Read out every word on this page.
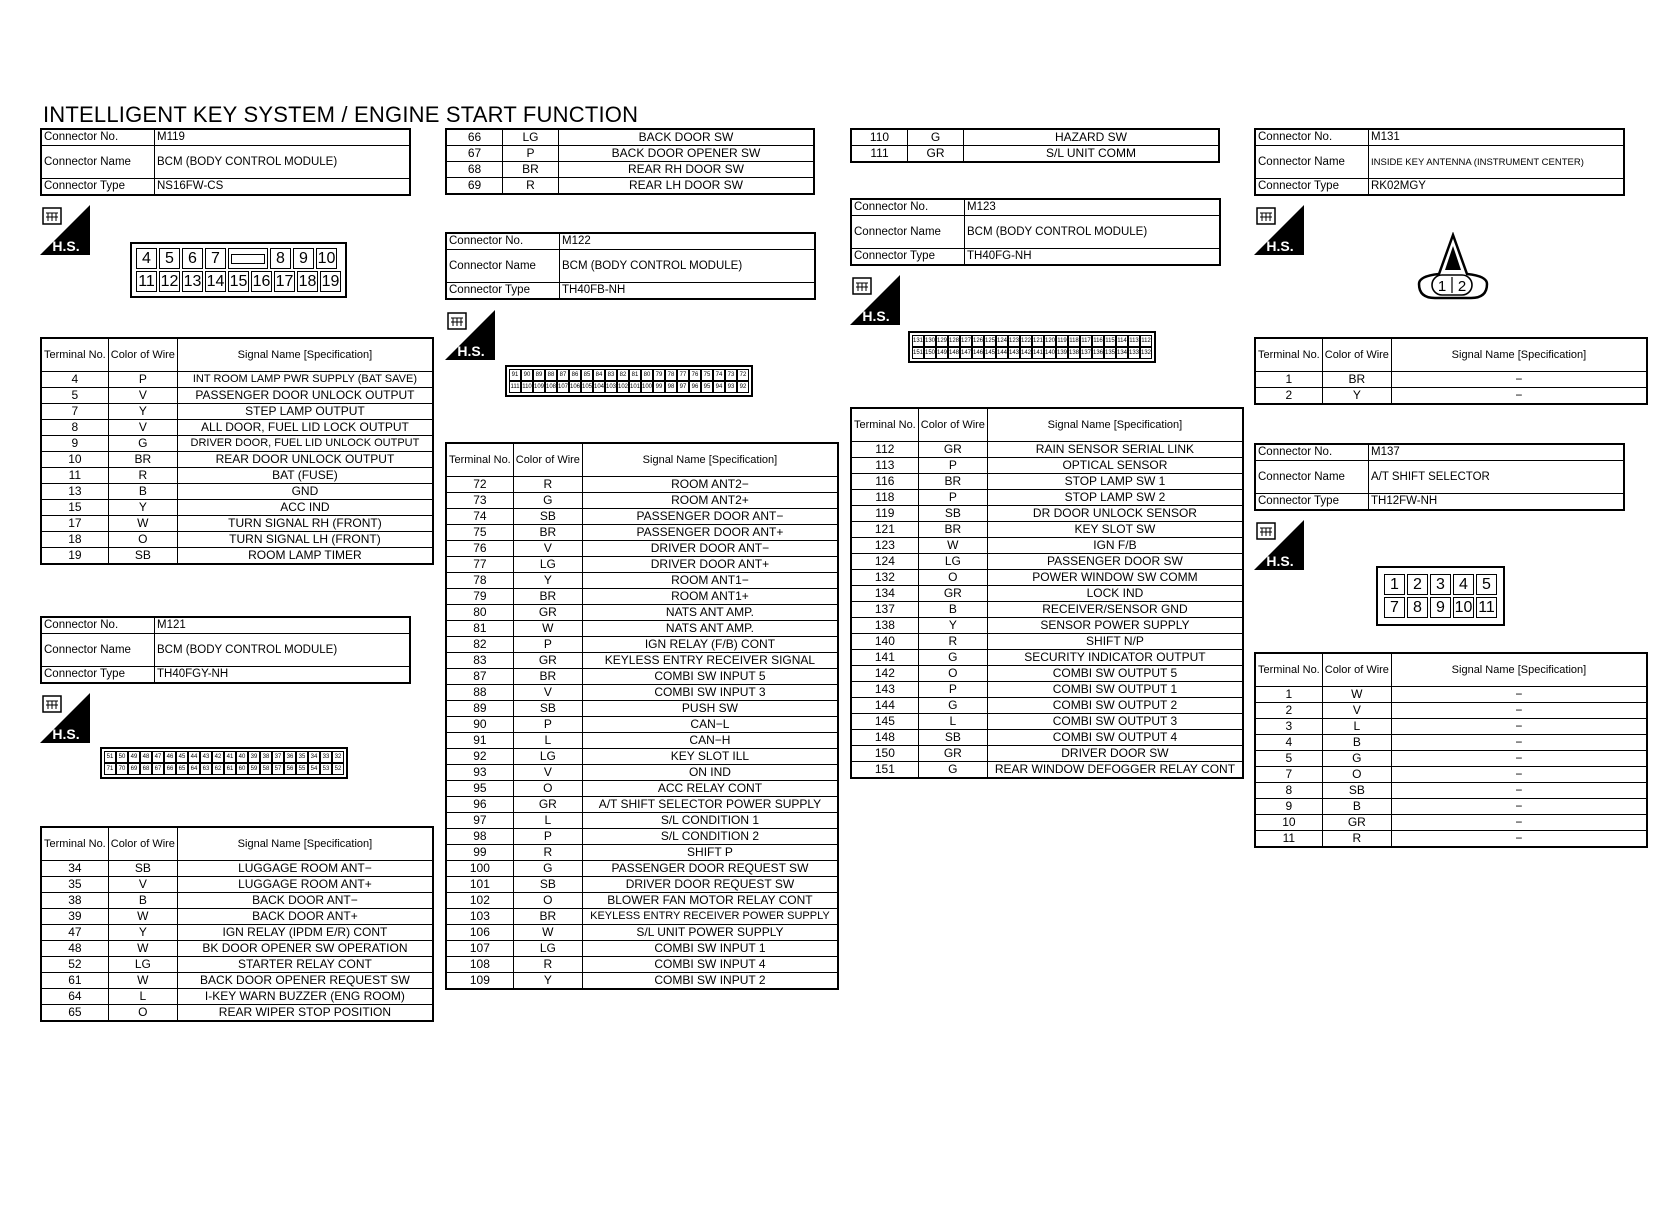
INTELLIGENT KEY SYSTEM / ENGINE START FUNCTION
Connector No.	M119
Connector Name	BCM (BODY CONTROL MODULE)
Connector Type	NS16FW-CS
H.S.
4 5 6 7	8 9 10
11 12 13 14 15 16 17 18 19
Terminal No.	Color of Wire	Signal Name [Specification]
4	P	INT ROOM LAMP PWR SUPPLY (BAT SAVE)
5	V	PASSENGER DOOR UNLOCK OUTPUT
7	Y	STEP LAMP OUTPUT
8	V	ALL DOOR, FUEL LID LOCK OUTPUT
9	G	DRIVER DOOR, FUEL LID UNLOCK OUTPUT
10	BR	REAR DOOR UNLOCK OUTPUT
11	R	BAT (FUSE)
13	B	GND
15	Y	ACC IND
17	W	TURN SIGNAL RH (FRONT)
18	O	TURN SIGNAL LH (FRONT)
19	SB	ROOM LAMP TIMER
Connector No.	M121
Connector Name	BCM (BODY CONTROL MODULE)
Connector Type	TH40FGY-NH
H.S.
51 50 49 48 47 46 45 44 43 42 41 40 39 38 37 36 35 34 33 32
71 70 69 68 67 66 65 64 63 62 61 60 59 58 57 56 55 54 53 52
Terminal No.	Color of Wire	Signal Name [Specification]
34	SB	LUGGAGE ROOM ANT−
35	V	LUGGAGE ROOM ANT+
38	B	BACK DOOR ANT−
39	W	BACK DOOR ANT+
47	Y	IGN RELAY (IPDM E/R) CONT
48	W	BK DOOR OPENER SW OPERATION
52	LG	STARTER RELAY CONT
61	W	BACK DOOR OPENER REQUEST SW
64	L	I-KEY WARN BUZZER (ENG ROOM)
65	O	REAR WIPER STOP POSITION
66	LG	BACK DOOR SW
67	P	BACK DOOR OPENER SW
68	BR	REAR RH DOOR SW
69	R	REAR LH DOOR SW
Connector No.	M122
Connector Name	BCM (BODY CONTROL MODULE)
Connector Type	TH40FB-NH
H.S.
91 90 89 88 87 86 85 84 83 82 81 80 79 78 77 76 75 74 73 72
111 110 109 108 107 106 105 104 103 102 101 100 99 98 97 96 95 94 93 92
Terminal No.	Color of Wire	Signal Name [Specification]
72	R	ROOM ANT2−
73	G	ROOM ANT2+
74	SB	PASSENGER DOOR ANT−
75	BR	PASSENGER DOOR ANT+
76	V	DRIVER DOOR ANT−
77	LG	DRIVER DOOR ANT+
78	Y	ROOM ANT1−
79	BR	ROOM ANT1+
80	GR	NATS ANT AMP.
81	W	NATS ANT AMP.
82	P	IGN RELAY (F/B) CONT
83	GR	KEYLESS ENTRY RECEIVER SIGNAL
87	BR	COMBI SW INPUT 5
88	V	COMBI SW INPUT 3
89	SB	PUSH SW
90	P	CAN−L
91	L	CAN−H
92	LG	KEY SLOT ILL
93	V	ON IND
95	O	ACC RELAY CONT
96	GR	A/T SHIFT SELECTOR POWER SUPPLY
97	L	S/L CONDITION 1
98	P	S/L CONDITION 2
99	R	SHIFT P
100	G	PASSENGER DOOR REQUEST SW
101	SB	DRIVER DOOR REQUEST SW
102	O	BLOWER FAN MOTOR RELAY CONT
103	BR	KEYLESS ENTRY RECEIVER POWER SUPPLY
106	W	S/L UNIT POWER SUPPLY
107	LG	COMBI SW INPUT 1
108	R	COMBI SW INPUT 4
109	Y	COMBI SW INPUT 2
110	G	HAZARD SW
111	GR	S/L UNIT COMM
Connector No.	M123
Connector Name	BCM (BODY CONTROL MODULE)
Connector Type	TH40FG-NH
H.S.
131 130 129 128 127 126 125 124 123 122 121 120 119 118 117 116 115 114 113 112
151 150 149 148 147 146 145 144 143 142 141 140 139 138 137 136 135 134 133 132
Terminal No.	Color of Wire	Signal Name [Specification]
112	GR	RAIN SENSOR SERIAL LINK
113	P	OPTICAL SENSOR
116	BR	STOP LAMP SW 1
118	P	STOP LAMP SW 2
119	SB	DR DOOR UNLOCK SENSOR
121	BR	KEY SLOT SW
123	W	IGN F/B
124	LG	PASSENGER DOOR SW
132	O	POWER WINDOW SW COMM
134	GR	LOCK IND
137	B	RECEIVER/SENSOR GND
138	Y	SENSOR POWER SUPPLY
140	R	SHIFT N/P
141	G	SECURITY INDICATOR OUTPUT
142	O	COMBI SW OUTPUT 5
143	P	COMBI SW OUTPUT 1
144	G	COMBI SW OUTPUT 2
145	L	COMBI SW OUTPUT 3
148	SB	COMBI SW OUTPUT 4
150	GR	DRIVER DOOR SW
151	G	REAR WINDOW DEFOGGER RELAY CONT
Connector No.	M131
Connector Name	INSIDE KEY ANTENNA (INSTRUMENT CENTER)
Connector Type	RK02MGY
H.S.
1 2
Terminal No.	Color of Wire	Signal Name [Specification]
1	BR	−
2	Y	−
Connector No.	M137
Connector Name	A/T SHIFT SELECTOR
Connector Type	TH12FW-NH
H.S.
1 2 3 4 5
7 8 9 10 11
Terminal No.	Color of Wire	Signal Name [Specification]
1	W	−
2	V	−
3	L	−
4	B	−
5	G	−
7	O	−
8	SB	−
9	B	−
10	GR	−
11	R	−
